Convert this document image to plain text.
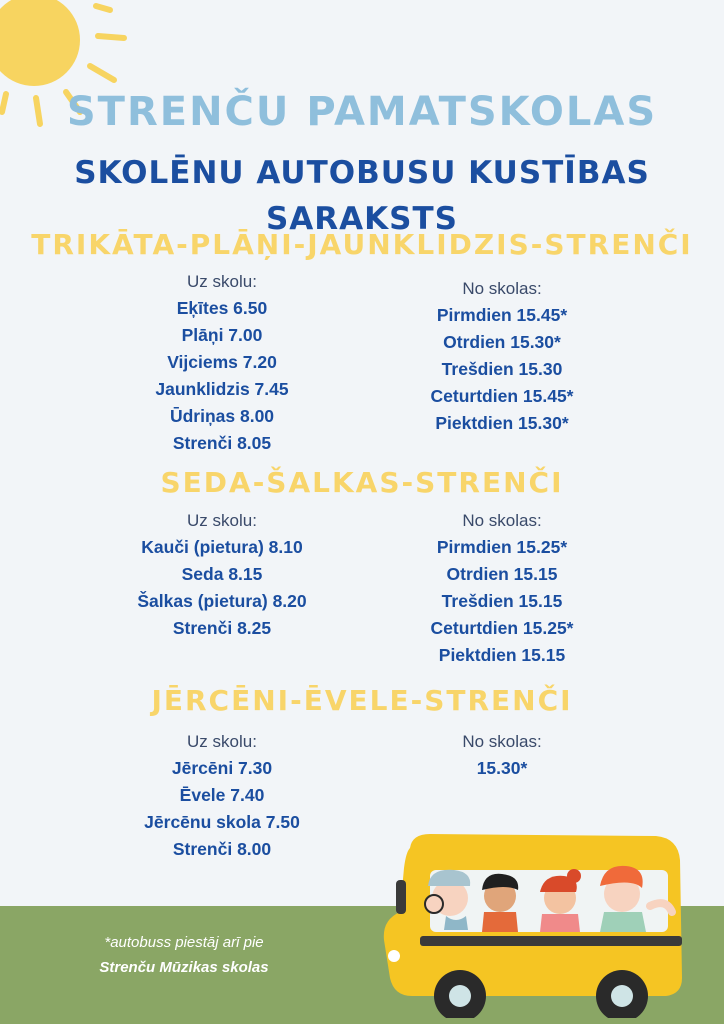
STRENČU PAMATSKOLAS
SKOLĒNU AUTOBUSU KUSTĪBAS SARAKSTS
TRIKĀTA-PLĀŅI-JAUNKLIDZIS-STRENČI
Uz skolu:
Eķītes 6.50
Plāņi 7.00
Vijciems 7.20
Jaunklidzis 7.45
Ūdriņas 8.00
Strenči 8.05
No skolas:
Pirmdien 15.45*
Otrdien 15.30*
Trešdien 15.30
Ceturtdien 15.45*
Piektdien 15.30*
SEDA-ŠALKAS-STRENČI
Uz skolu:
Kauči (pietura) 8.10
Seda 8.15
Šalkas (pietura) 8.20
Strenči 8.25
No skolas:
Pirmdien 15.25*
Otrdien 15.15
Trešdien 15.15
Ceturtdien 15.25*
Piektdien 15.15
JĒRCĒNI-ĒVELE-STRENČI
Uz skolu:
Jērcēni 7.30
Ēvele 7.40
Jērcēnu skola 7.50
Strenči 8.00
No skolas:
15.30*
*autobuss piestāj arī pie
Strenču Mūzikas skolas
